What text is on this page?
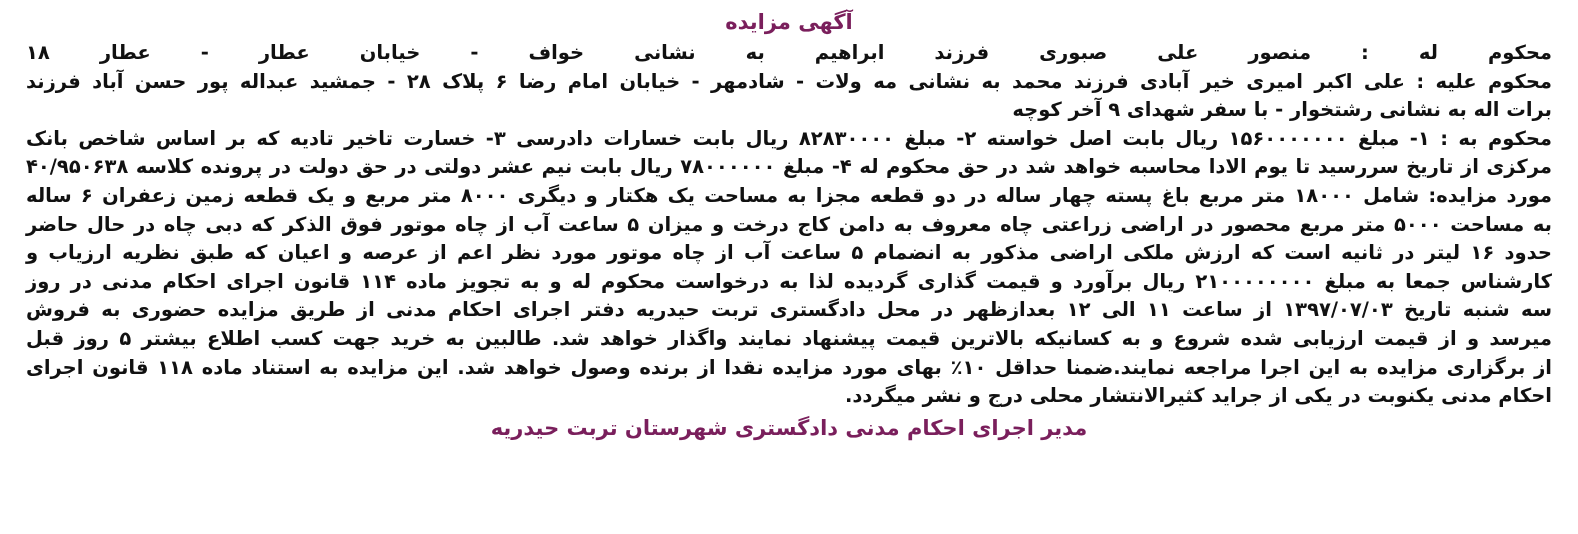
آگهی مزایده
محکوم له : منصور علی صبوری فرزند ابراهیم به نشانی خواف - خیابان عطار - عطار ۱۸
محکوم علیه : علی اکبر امیری خیر آبادی فرزند محمد به نشانی مه ولات - شادمهر - خیابان امام رضا ۶ پلاک ۲۸ - جمشید عبداله پور حسن آباد فرزند
برات اله به نشانی رشتخوار - با سفر شهدای ۹ آخر کوچه
محکوم به : ۱- مبلغ ۱۵۶۰۰۰۰۰۰۰ ریال بابت اصل خواسته ۲- مبلغ ۸۲۸۳۰۰۰۰ ریال بابت خسارات دادرسی ۳- خسارت تاخیر تادیه که بر اساس شاخص بانک
مرکزی از تاریخ سررسید تا یوم الادا محاسبه خواهد شد در حق محکوم له ۴- مبلغ ۷۸۰۰۰۰۰۰ ریال بابت نیم عشر دولتی در حق دولت در پرونده کلاسه ۴۰/۹۵۰۶۳۸
مورد مزایده: شامل ۱۸۰۰۰ متر مربع باغ پسته چهار ساله در دو قطعه مجزا به مساحت یک هکتار و دیگری ۸۰۰۰ متر مربع و یک قطعه زمین زعفران ۶ ساله
به مساحت ۵۰۰۰ متر مربع محصور در اراضی زراعتی چاه معروف به دامن کاج درخت و میزان ۵ ساعت آب از چاه موتور فوق الذکر که دبی چاه در حال حاضر
حدود ۱۶ لیتر در ثانیه است که ارزش ملکی اراضی مذکور به انضمام ۵ ساعت آب از چاه موتور مورد نظر اعم از عرصه و اعیان که طبق نظریه ارزیاب و
کارشناس جمعا به مبلغ ۲۱۰۰۰۰۰۰۰۰ ریال برآورد و قیمت گذاری گردیده لذا به درخواست محکوم له و به تجویز ماده ۱۱۴ قانون اجرای احکام مدنی در روز
سه شنبه تاریخ ۱۳۹۷/۰۷/۰۳ از ساعت ۱۱ الی ۱۲ بعدازظهر در محل دادگستری تربت حیدریه دفتر اجرای احکام مدنی از طریق مزایده حضوری به فروش
میرسد و از قیمت ارزیابی شده شروع و به کسانیکه بالاترین قیمت پیشنهاد نمایند واگذار خواهد شد. طالبین به خرید جهت کسب اطلاع بیشتر ۵ روز قبل
از برگزاری مزایده به این اجرا مراجعه نمایند.ضمنا حداقل ۱۰٪ بهای مورد مزایده نقدا از برنده وصول خواهد شد. این مزایده به استناد ماده ۱۱۸ قانون اجرای
احکام مدنی یکنوبت در یکی از جراید کثیرالانتشار محلی درج و نشر میگردد.
مدیر اجرای احکام مدنی دادگستری شهرستان تربت حیدریه
